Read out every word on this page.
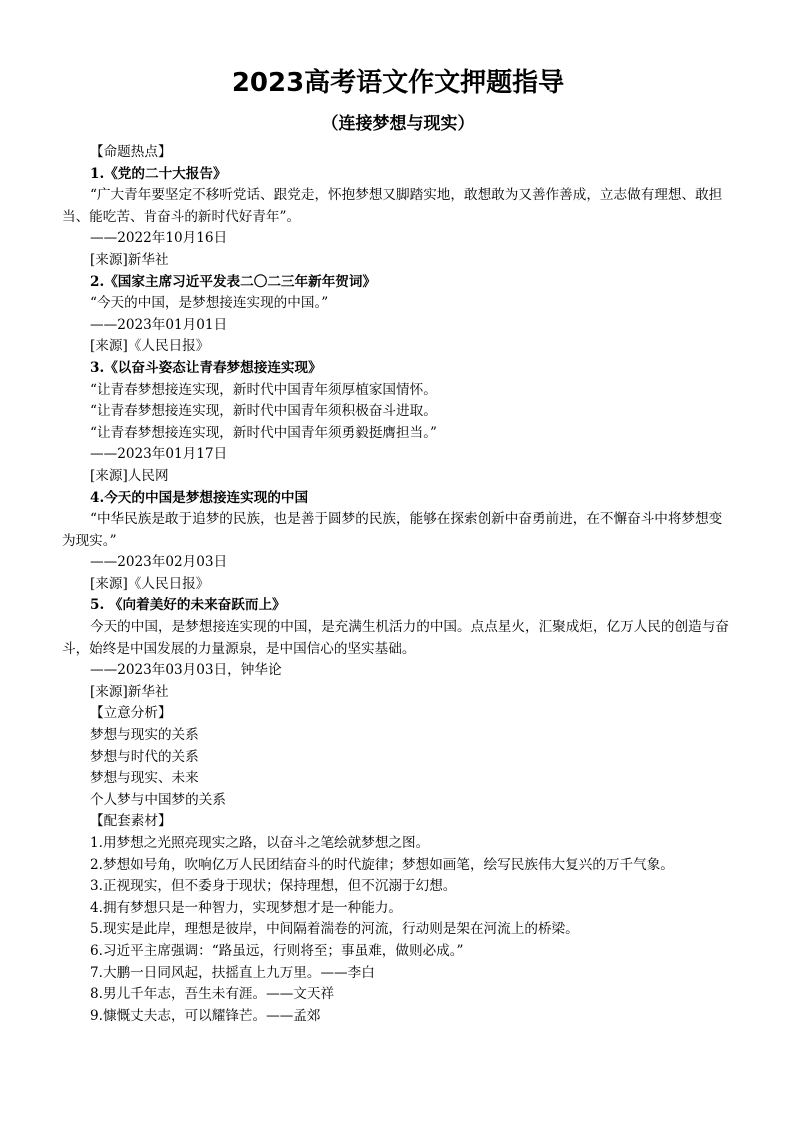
2023高考语文作文押题指导
（连接梦想与现实）
【命题热点】
1.《党的二十大报告》
“广大青年要坚定不移听党话、跟党走，怀抱梦想又脚踏实地，敢想敢为又善作善成，立志做有理想、敢担当、能吃苦、肯奋斗的新时代好青年”。
——2022年10月16日
[来源]新华社
2.《国家主席习近平发表二〇二三年新年贺词》
“今天的中国，是梦想接连实现的中国。”
——2023年01月01日
[来源]《人民日报》
3.《以奋斗姿态让青春梦想接连实现》
“让青春梦想接连实现，新时代中国青年须厚植家国情怀。
“让青春梦想接连实现，新时代中国青年须积极奋斗进取。
“让青春梦想接连实现，新时代中国青年须勇毅挺膺担当。”
——2023年01月17日
[来源]人民网
4.今天的中国是梦想接连实现的中国
“中华民族是敢于追梦的民族，也是善于圆梦的民族，能够在探索创新中奋勇前进，在不懈奋斗中将梦想变为现实。”
——2023年02月03日
[来源]《人民日报》
5. 《向着美好的未来奋跃而上》
今天的中国，是梦想接连实现的中国，是充满生机活力的中国。点点星火，汇聚成炬，亿万人民的创造与奋斗，始终是中国发展的力量源泉，是中国信心的坚实基础。
——2023年03月03日，钟华论
[来源]新华社
【立意分析】
梦想与现实的关系
梦想与时代的关系
梦想与现实、未来
个人梦与中国梦的关系
【配套素材】
1.用梦想之光照亮现实之路，以奋斗之笔绘就梦想之图。
2.梦想如号角，吹响亿万人民团结奋斗的时代旋律；梦想如画笔，绘写民族伟大复兴的万千气象。
3.正视现实，但不委身于现状；保持理想，但不沉溺于幻想。
4.拥有梦想只是一种智力，实现梦想才是一种能力。
5.现实是此岸，理想是彼岸，中间隔着湍卷的河流，行动则是架在河流上的桥梁。
6.习近平主席强调：“路虽远，行则将至；事虽难，做则必成。”
7.大鹏一日同风起，扶摇直上九万里。——李白
8.男儿千年志，吾生未有涯。——文天祥
9.慷慨丈夫志，可以耀锋芒。——孟郊
